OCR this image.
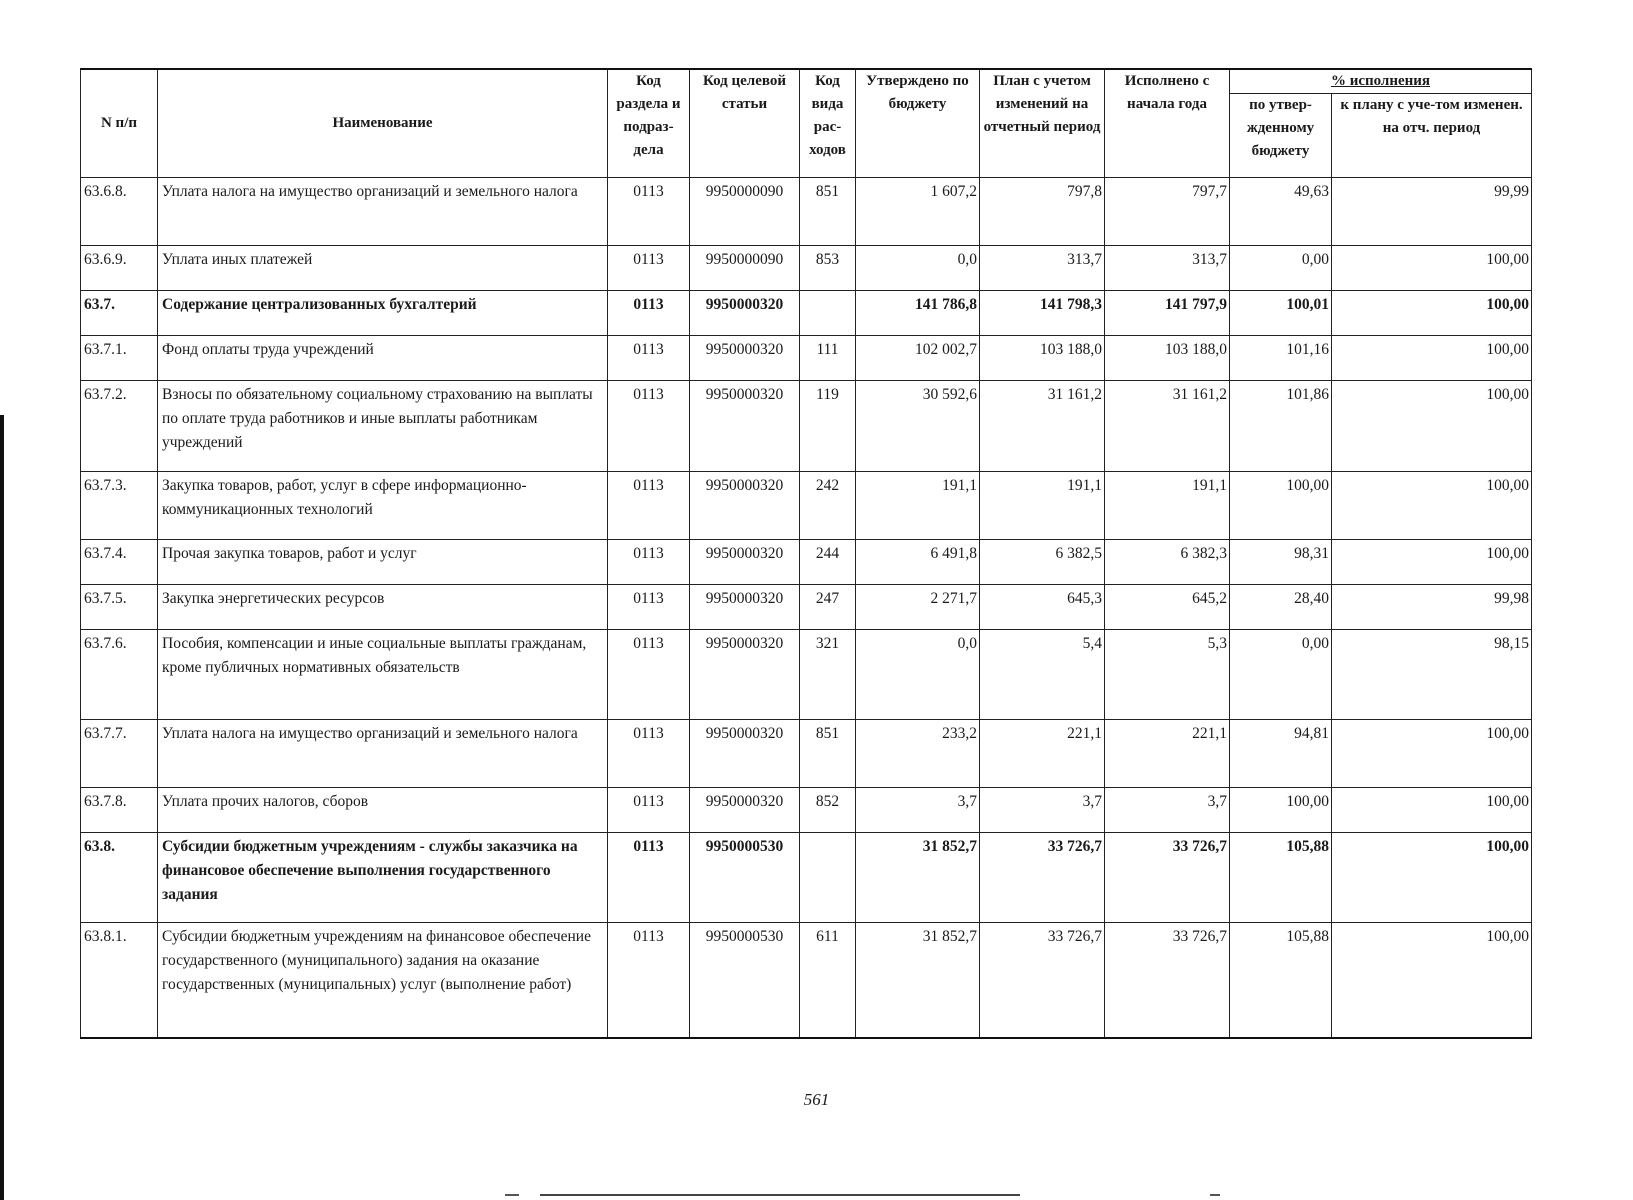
N п/п	Наименование	Код раздела и подраз-дела	Код целевой статьи	Код вида рас-ходов	Утверждено по бюджету	План с учетом изменений на отчетный период	Исполнено с начала года	% исполнения	
								по утвер-жденному бюджету	к плану с уче-том изменен. на отч. период
63.6.8.	Уплата налога на имущество организаций и земельного налога	0113	9950000090	851	1 607,2	797,8	797,7	49,63	99,99
63.6.9.	Уплата иных платежей	0113	9950000090	853	0,0	313,7	313,7	0,00	100,00
63.7.	Содержание централизованных бухгалтерий	0113	9950000320		141 786,8	141 798,3	141 797,9	100,01	100,00
63.7.1.	Фонд оплаты труда учреждений	0113	9950000320	111	102 002,7	103 188,0	103 188,0	101,16	100,00
63.7.2.	Взносы по обязательному социальному страхованию на выплаты по оплате труда работников и иные выплаты работникам учреждений	0113	9950000320	119	30 592,6	31 161,2	31 161,2	101,86	100,00
63.7.3.	Закупка товаров, работ, услуг в сфере информационно-коммуникационных технологий	0113	9950000320	242	191,1	191,1	191,1	100,00	100,00
63.7.4.	Прочая закупка товаров, работ и услуг	0113	9950000320	244	6 491,8	6 382,5	6 382,3	98,31	100,00
63.7.5.	Закупка энергетических ресурсов	0113	9950000320	247	2 271,7	645,3	645,2	28,40	99,98
63.7.6.	Пособия, компенсации и иные социальные выплаты гражданам, кроме публичных нормативных обязательств	0113	9950000320	321	0,0	5,4	5,3	0,00	98,15
63.7.7.	Уплата налога на имущество организаций и земельного налога	0113	9950000320	851	233,2	221,1	221,1	94,81	100,00
63.7.8.	Уплата прочих налогов, сборов	0113	9950000320	852	3,7	3,7	3,7	100,00	100,00
63.8.	Субсидии бюджетным учреждениям - службы заказчика на финансовое обеспечение выполнения государственного задания	0113	9950000530		31 852,7	33 726,7	33 726,7	105,88	100,00
63.8.1.	Субсидии бюджетным учреждениям на финансовое обеспечение государственного (муниципального) задания на оказание государственных (муниципальных) услуг (выполнение работ)	0113	9950000530	611	31 852,7	33 726,7	33 726,7	105,88	100,00
561
